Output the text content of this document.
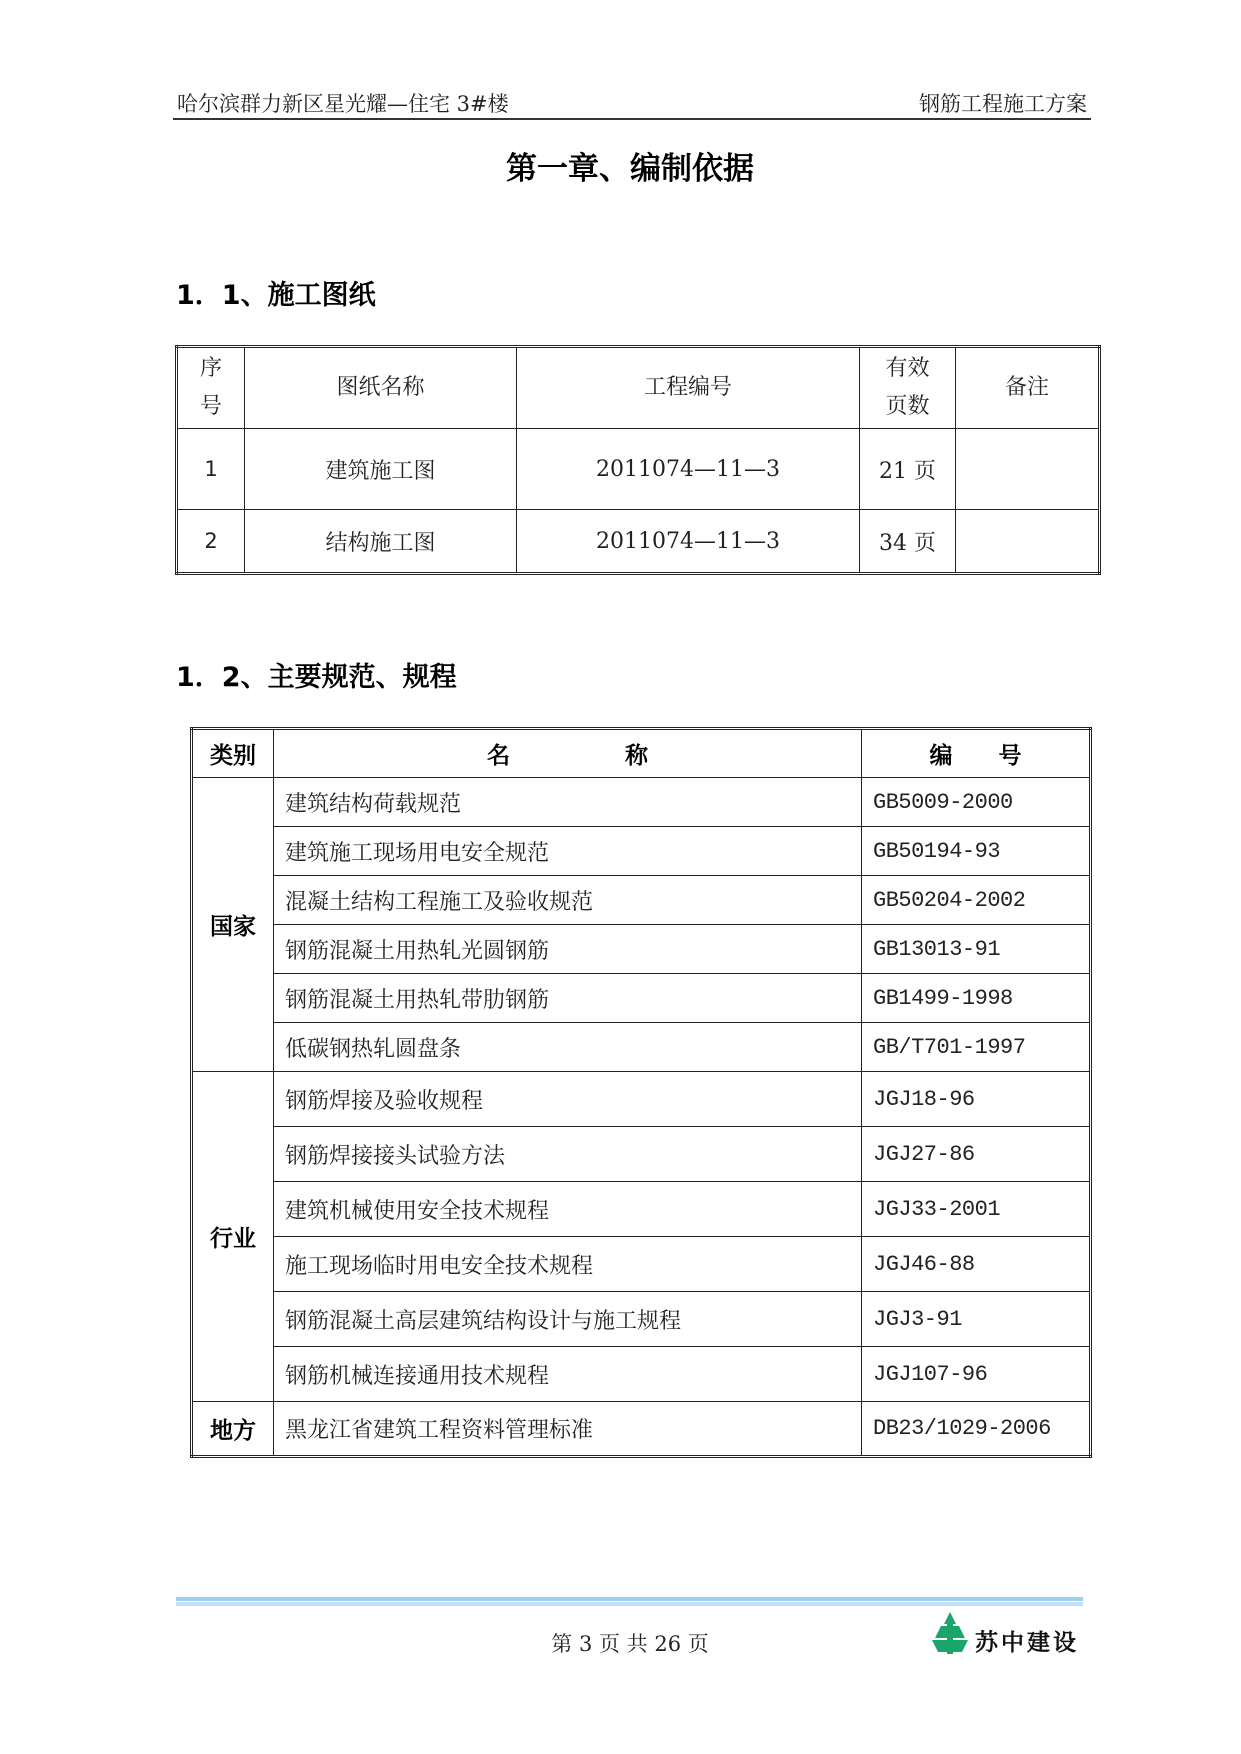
哈尔滨群力新区星光耀—住宅 3#楼	钢筋工程施工方案
第一章、编制依据
1．1、施工图纸
序号	图纸名称	工程编号	有效页数	备注
1	建筑施工图	2011074—11—3	21 页	
2	结构施工图	2011074—11—3	34 页	
1．2、主要规范、规程
类别	名　　　　　称	编　　号
国家	建筑结构荷载规范	GB5009-2000
	建筑施工现场用电安全规范	GB50194-93
	混凝土结构工程施工及验收规范	GB50204-2002
	钢筋混凝土用热轧光圆钢筋	GB13013-91
	钢筋混凝土用热轧带肋钢筋	GB1499-1998
	低碳钢热轧圆盘条	GB/T701-1997
行业	钢筋焊接及验收规程	JGJ18-96
	钢筋焊接接头试验方法	JGJ27-86
	建筑机械使用安全技术规程	JGJ33-2001
	施工现场临时用电安全技术规程	JGJ46-88
	钢筋混凝土高层建筑结构设计与施工规程	JGJ3-91
	钢筋机械连接通用技术规程	JGJ107-96
地方	黑龙江省建筑工程资料管理标准	DB23/1029-2006
第 3 页 共 26 页	苏中建设
